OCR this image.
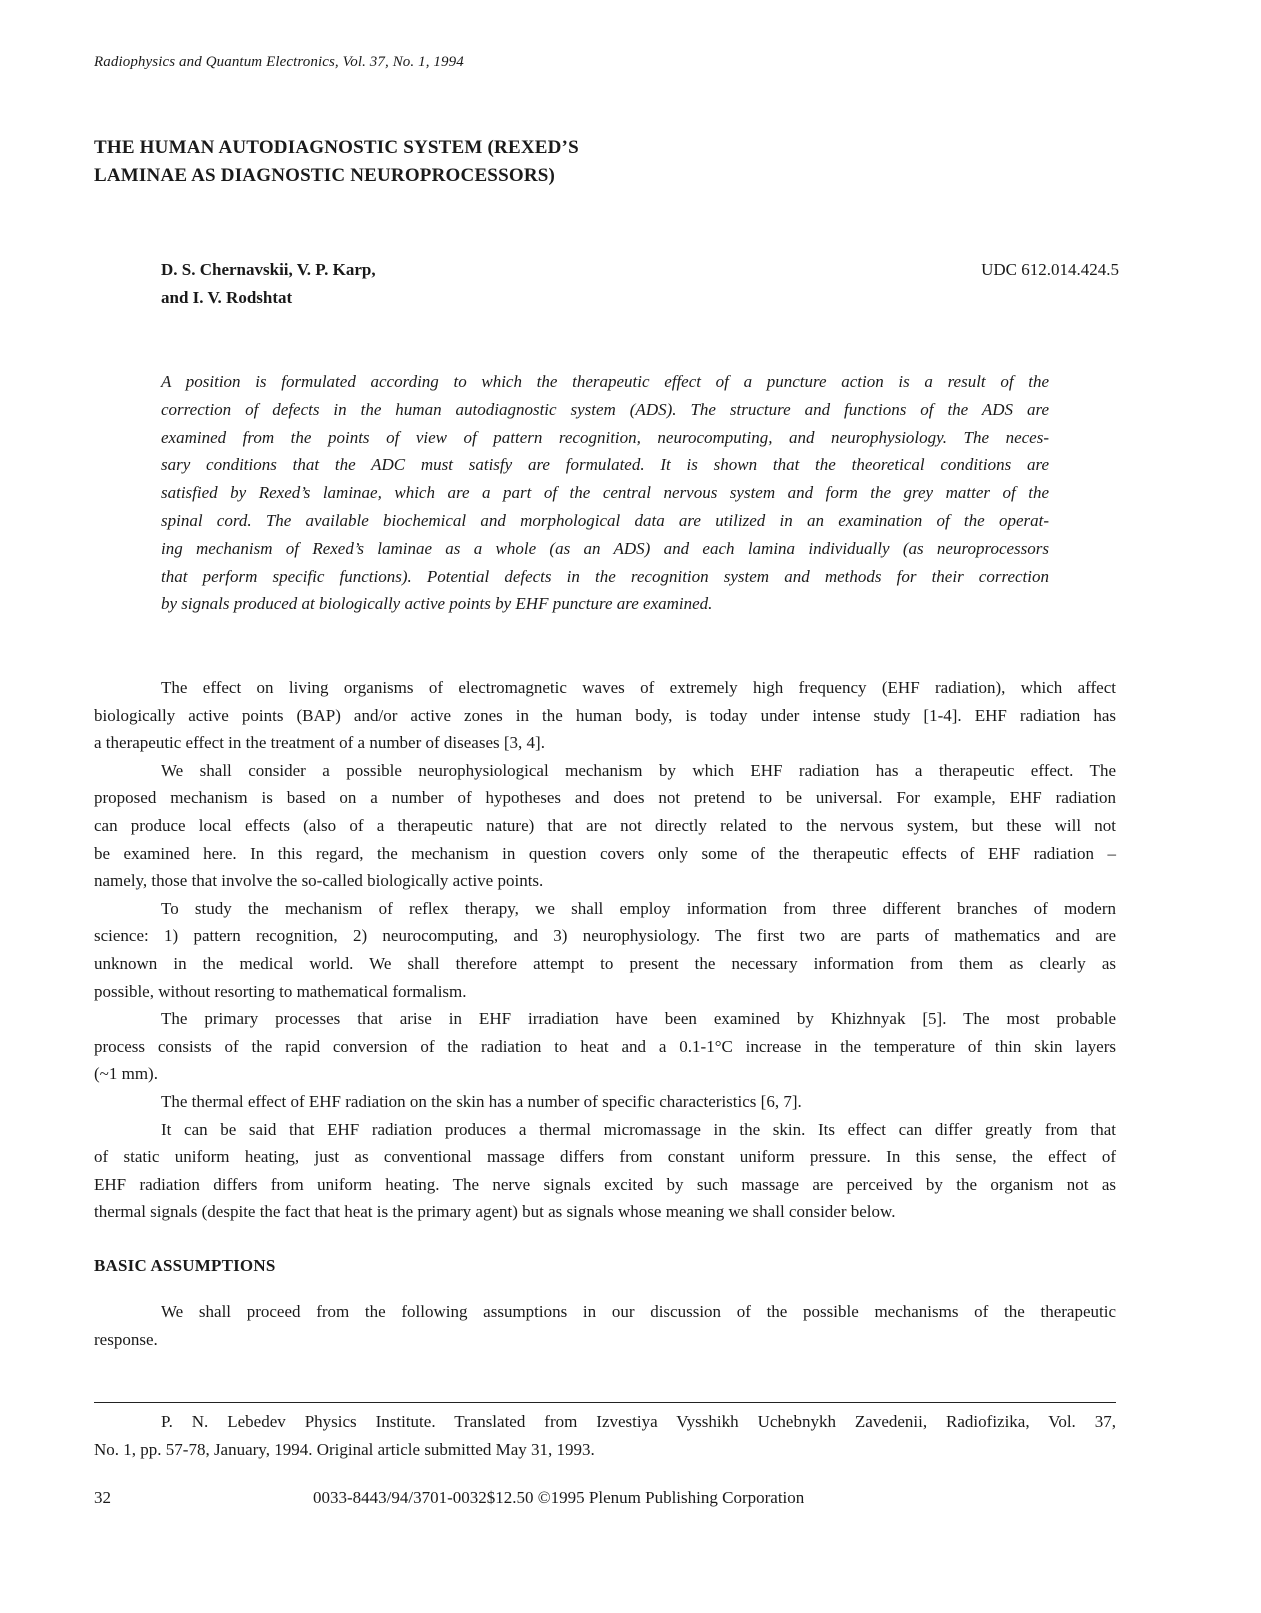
Radiophysics and Quantum Electronics, Vol. 37, No. 1, 1994
THE HUMAN AUTODIAGNOSTIC SYSTEM (REXED’S
LAMINAE AS DIAGNOSTIC NEUROPROCESSORS)
D. S. Chernavskii, V. P. Karp,
and I. V. Rodshtat
UDC 612.014.424.5
A position is formulated according to which the therapeutic effect of a puncture action is a result of the
correction of defects in the human autodiagnostic system (ADS). The structure and functions of the ADS are
examined from the points of view of pattern recognition, neurocomputing, and neurophysiology. The neces-
sary conditions that the ADC must satisfy are formulated. It is shown that the theoretical conditions are
satisfied by Rexed’s laminae, which are a part of the central nervous system and form the grey matter of the
spinal cord. The available biochemical and morphological data are utilized in an examination of the operat-
ing mechanism of Rexed’s laminae as a whole (as an ADS) and each lamina individually (as neuroprocessors
that perform specific functions). Potential defects in the recognition system and methods for their correction
by signals produced at biologically active points by EHF puncture are examined.

The effect on living organisms of electromagnetic waves of extremely high frequency (EHF radiation), which affect
biologically active points (BAP) and/or active zones in the human body, is today under intense study [1-4]. EHF radiation has
a therapeutic effect in the treatment of a number of diseases [3, 4].

We shall consider a possible neurophysiological mechanism by which EHF radiation has a therapeutic effect. The
proposed mechanism is based on a number of hypotheses and does not pretend to be universal. For example, EHF radiation
can produce local effects (also of a therapeutic nature) that are not directly related to the nervous system, but these will not
be examined here. In this regard, the mechanism in question covers only some of the therapeutic effects of EHF radiation –
namely, those that involve the so-called biologically active points.

To study the mechanism of reflex therapy, we shall employ information from three different branches of modern
science: 1) pattern recognition, 2) neurocomputing, and 3) neurophysiology. The first two are parts of mathematics and are
unknown in the medical world. We shall therefore attempt to present the necessary information from them as clearly as
possible, without resorting to mathematical formalism.

The primary processes that arise in EHF irradiation have been examined by Khizhnyak [5]. The most probable
process consists of the rapid conversion of the radiation to heat and a 0.1-1°C increase in the temperature of thin skin layers
(~1 mm).

The thermal effect of EHF radiation on the skin has a number of specific characteristics [6, 7].

It can be said that EHF radiation produces a thermal micromassage in the skin. Its effect can differ greatly from that
of static uniform heating, just as conventional massage differs from constant uniform pressure. In this sense, the effect of
EHF radiation differs from uniform heating. The nerve signals excited by such massage are perceived by the organism not as
thermal signals (despite the fact that heat is the primary agent) but as signals whose meaning we shall consider below.

BASIC ASSUMPTIONS

We shall proceed from the following assumptions in our discussion of the possible mechanisms of the therapeutic
response.

P. N. Lebedev Physics Institute. Translated from Izvestiya Vysshikh Uchebnykh Zavedenii, Radiofizika, Vol. 37,
No. 1, pp. 57-78, January, 1994. Original article submitted May 31, 1993.
32	0033-8443/94/3701-0032$12.50 ©1995 Plenum Publishing Corporation
